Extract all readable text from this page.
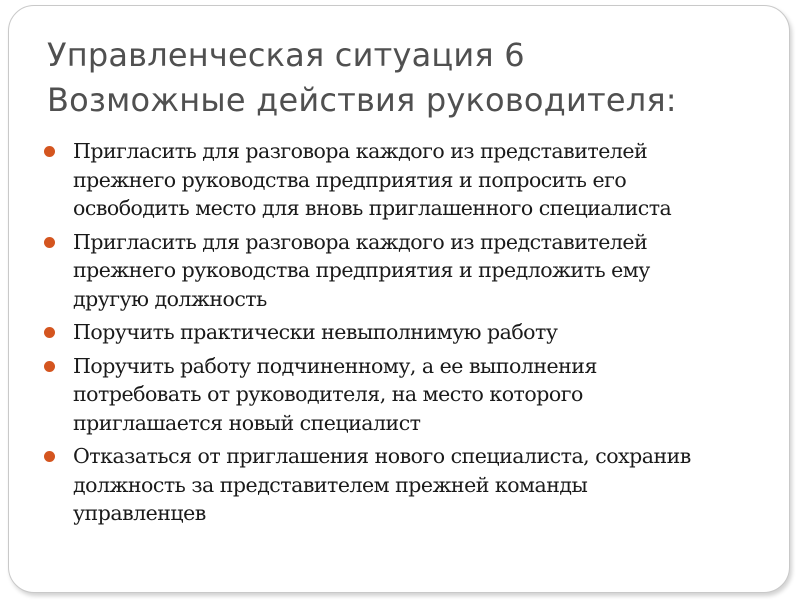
Управленческая ситуация 6
Возможные действия руководителя:
Пригласить для разговора каждого из представителей
прежнего руководства предприятия и попросить его
освободить место для вновь приглашенного специалиста
Пригласить для разговора каждого из представителей
прежнего руководства предприятия и предложить ему
другую должность
Поручить практически невыполнимую работу
Поручить работу подчиненному, а ее выполнения
потребовать от руководителя, на место которого
приглашается новый специалист
Отказаться от приглашения нового специалиста, сохранив
должность за представителем прежней команды
управленцев
